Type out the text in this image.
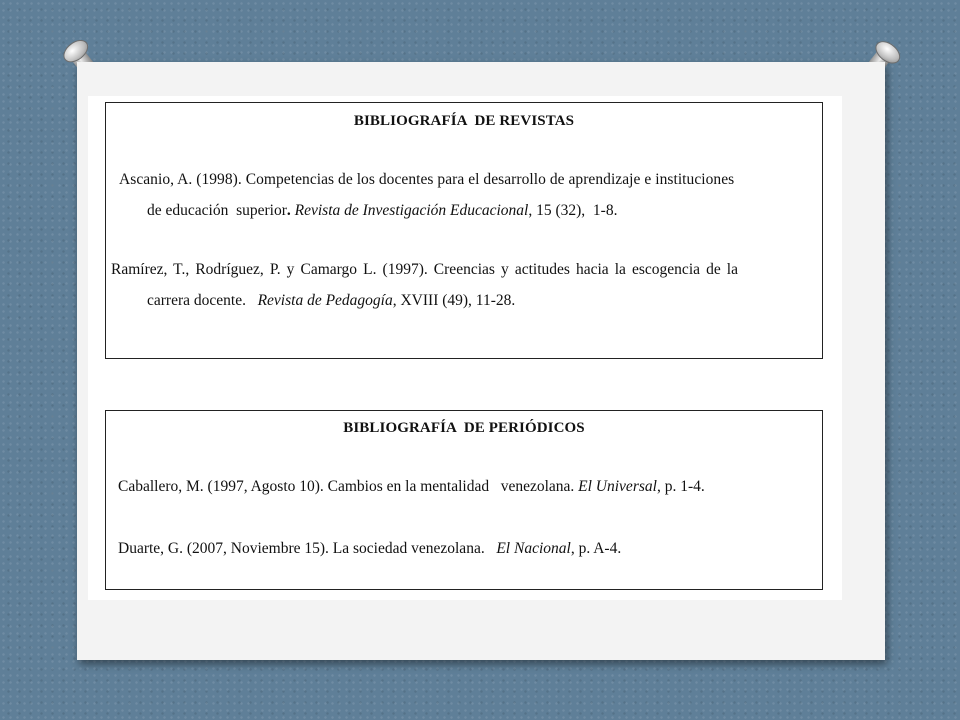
BIBLIOGRAFÍA  DE REVISTAS
Ascanio, A. (1998). Competencias de los docentes para el desarrollo de aprendizaje e instituciones
de educación  superior. Revista de Investigación Educacional, 15 (32),  1-8.
Ramírez, T., Rodríguez, P. y Camargo L. (1997). Creencias y actitudes hacia la escogencia de la
carrera docente.   Revista de Pedagogía, XVIII (49), 11-28.
BIBLIOGRAFÍA  DE PERIÓDICOS
Caballero, M. (1997, Agosto 10). Cambios en la mentalidad   venezolana. El Universal, p. 1-4.
Duarte, G. (2007, Noviembre 15). La sociedad venezolana.   El Nacional, p. A-4.
